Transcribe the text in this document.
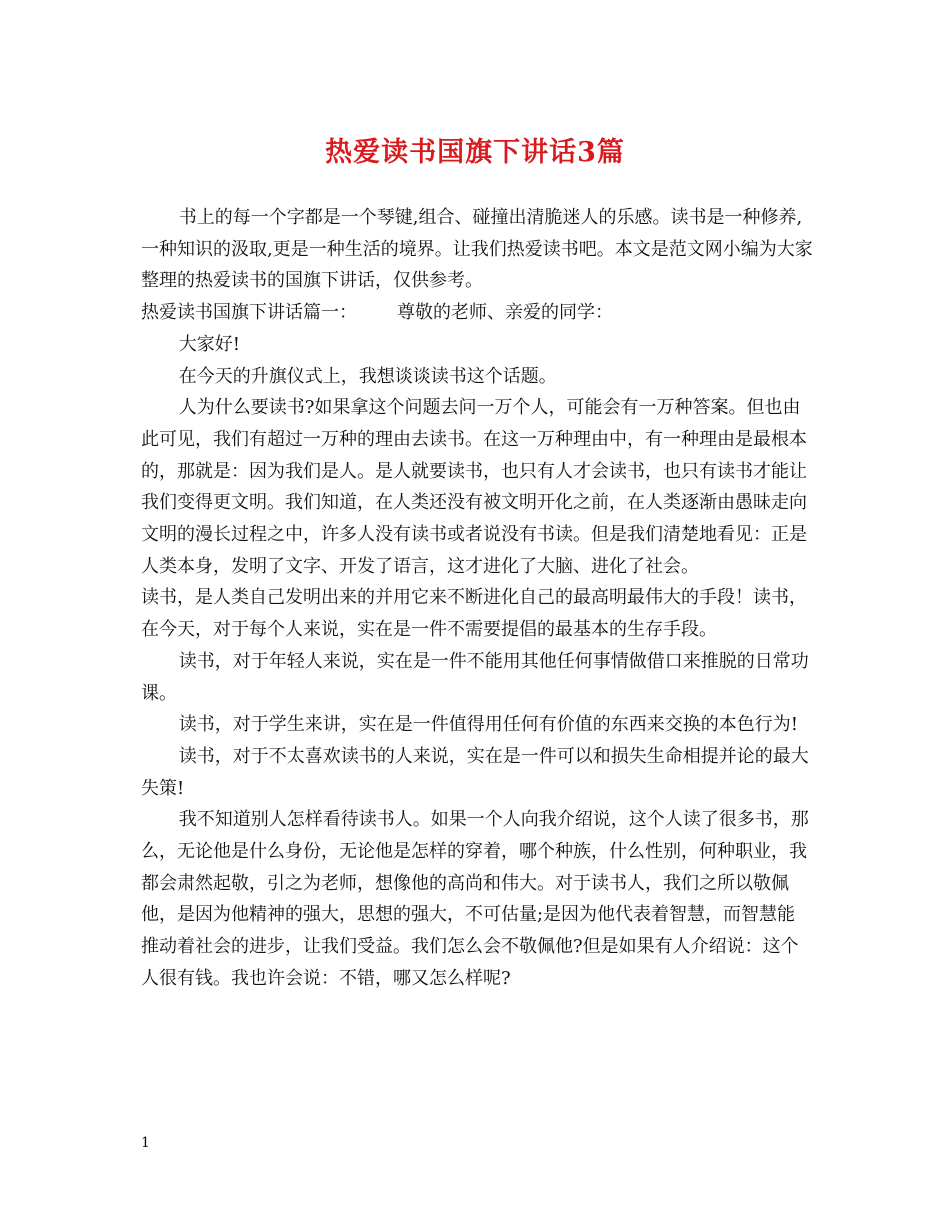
热爱读书国旗下讲话3篇

书上的每一个字都是一个琴键,组合、碰撞出清脆迷人的乐感。读书是一种修养,一种知识的汲取,更是一种生活的境界。让我们热爱读书吧。本文是范文网小编为大家整理的热爱读书的国旗下讲话，仅供参考。

热爱读书国旗下讲话篇一： 尊敬的老师、亲爱的同学：

大家好!

在今天的升旗仪式上，我想谈谈读书这个话题。

人为什么要读书?如果拿这个问题去问一万个人，可能会有一万种答案。但也由此可见，我们有超过一万种的理由去读书。在这一万种理由中，有一种理由是最根本的，那就是：因为我们是人。是人就要读书，也只有人才会读书，也只有读书才能让我们变得更文明。我们知道，在人类还没有被文明开化之前，在人类逐渐由愚昧走向文明的漫长过程之中，许多人没有读书或者说没有书读。但是我们清楚地看见：正是人类本身，发明了文字、开发了语言，这才进化了大脑、进化了社会。

读书，是人类自己发明出来的并用它来不断进化自己的最高明最伟大的手段！读书，在今天，对于每个人来说，实在是一件不需要提倡的最基本的生存手段。

读书，对于年轻人来说，实在是一件不能用其他任何事情做借口来推脱的日常功课。

读书，对于学生来讲，实在是一件值得用任何有价值的东西来交换的本色行为!

读书，对于不太喜欢读书的人来说，实在是一件可以和损失生命相提并论的最大失策!

我不知道别人怎样看待读书人。如果一个人向我介绍说，这个人读了很多书，那么，无论他是什么身份，无论他是怎样的穿着，哪个种族，什么性别，何种职业，我都会肃然起敬，引之为老师，想像他的高尚和伟大。对于读书人，我们之所以敬佩他，是因为他精神的强大，思想的强大，不可估量;是因为他代表着智慧，而智慧能推动着社会的进步，让我们受益。我们怎么会不敬佩他?但是如果有人介绍说：这个人很有钱。我也许会说：不错，哪又怎么样呢?

1
